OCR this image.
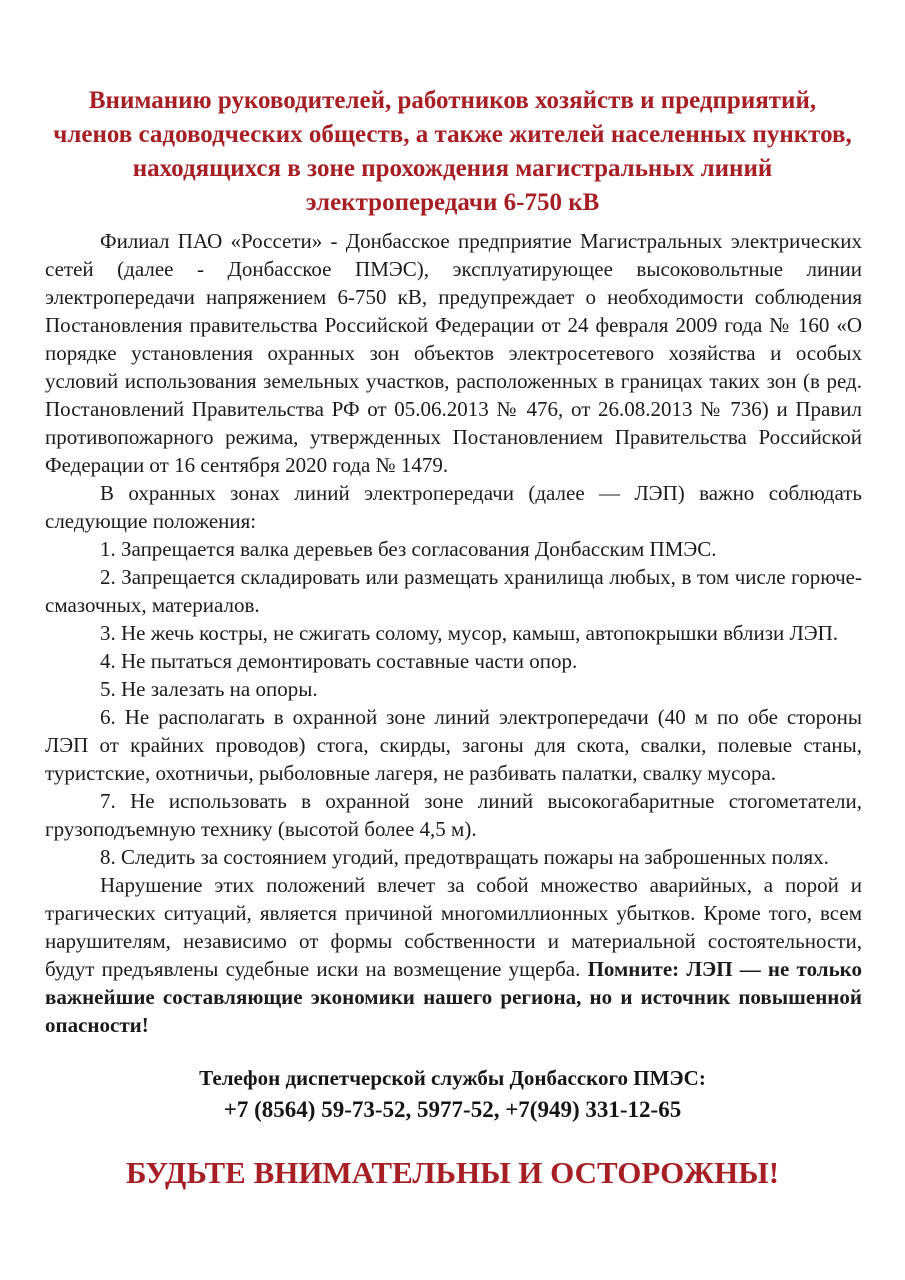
Вниманию руководителей, работников хозяйств и предприятий,
членов садоводческих обществ, а также жителей населенных пунктов,
находящихся в зоне прохождения магистральных линий
электропередачи 6-750 кВ

Филиал ПАО «Россети» - Донбасское предприятие Магистральных электрических сетей (далее - Донбасское ПМЭС), эксплуатирующее высоковольтные линии электропередачи напряжением 6-750 кВ, предупреждает о необходимости соблюдения Постановления правительства Российской Федерации от 24 февраля 2009 года № 160 «О порядке установления охранных зон объектов электросетевого хозяйства и особых условий использования земельных участков, расположенных в границах таких зон (в ред. Постановлений Правительства РФ от 05.06.2013 № 476, от 26.08.2013 № 736) и Правил противопожарного режима, утвержденных Постановлением Правительства Российской Федерации от 16 сентября 2020 года № 1479.

В охранных зонах линий электропередачи (далее — ЛЭП) важно соблюдать следующие положения:

1. Запрещается валка деревьев без согласования Донбасским ПМЭС.

2. Запрещается складировать или размещать хранилища любых, в том числе горюче-смазочных, материалов.

3. Не жечь костры, не сжигать солому, мусор, камыш, автопокрышки вблизи ЛЭП.

4. Не пытаться демонтировать составные части опор.

5. Не залезать на опоры.

6. Не располагать в охранной зоне линий электропередачи (40 м по обе стороны ЛЭП от крайних проводов) стога, скирды, загоны для скота, свалки, полевые станы, туристские, охотничьи, рыболовные лагеря, не разбивать палатки, свалку мусора.

7. Не использовать в охранной зоне линий высокогабаритные стогометатели, грузоподъемную технику (высотой более 4,5 м).

8. Следить за состоянием угодий, предотвращать пожары на заброшенных полях.

Нарушение этих положений влечет за собой множество аварийных, а порой и трагических ситуаций, является причиной многомиллионных убытков. Кроме того, всем нарушителям, независимо от формы собственности и материальной состоятельности, будут предъявлены судебные иски на возмещение ущерба. Помните: ЛЭП — не только важнейшие составляющие экономики нашего региона, но и источник повышенной опасности!

Телефон диспетчерской службы Донбасского ПМЭС:

+7 (8564) 59-73-52, 5977-52, +7(949) 331-12-65

БУДЬТЕ ВНИМАТЕЛЬНЫ И ОСТОРОЖНЫ!
